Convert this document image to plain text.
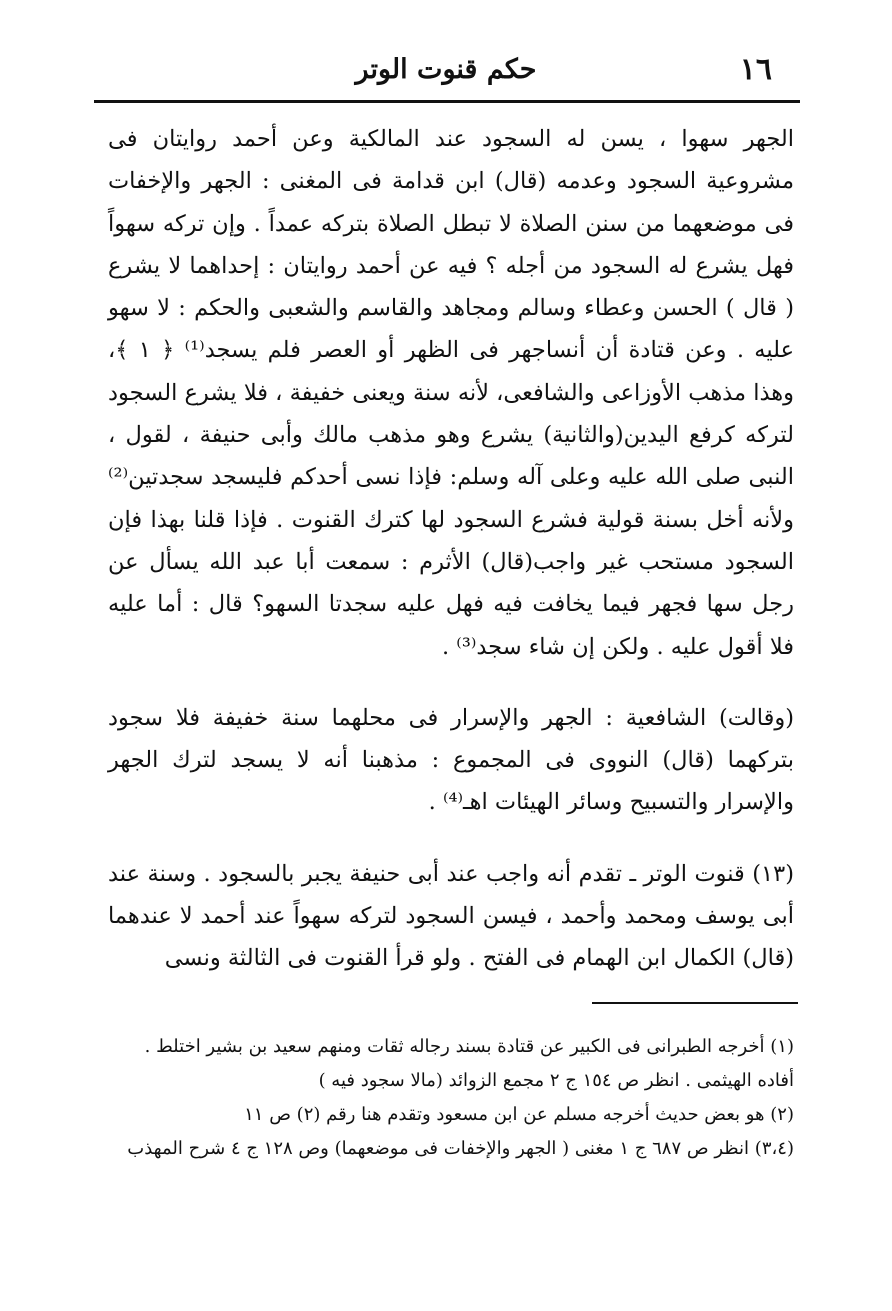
١٦
حكم قنوت الوتر

الجهر سهوا ، يسن له السجود عند المالكية وعن أحمد روايتان فى مشروعية السجود وعدمه (قال) ابن قدامة فى المغنى : الجهر والإخفات فى موضعهما من سنن الصلاة لا تبطل الصلاة بتركه عمداً . وإن تركه سهواً فهل يشرع له السجود من أجله ؟ فيه عن أحمد روايتان : إحداهما لا يشرع ( قال ) الحسن وعطاء وسالم ومجاهد والقاسم والشعبى والحكم : لا سهو عليه . وعن قتادة أن أنساجهر فى الظهر أو العصر فلم يسجد⁽¹⁾ ﴿ ١ ﴾، وهذا مذهب الأوزاعى والشافعى، لأنه سنة ويعنى خفيفة ، فلا يشرع السجود لتركه كرفع اليدين(والثانية) يشرع وهو مذهب مالك وأبى حنيفة ، لقول ، النبى صلى الله عليه وعلى آله وسلم: فإذا نسى أحدكم فليسجد سجدتين⁽²⁾ ولأنه أخل بسنة قولية فشرع السجود لها كترك القنوت . فإذا قلنا بهذا فإن السجود مستحب غير واجب(قال) الأثرم : سمعت أبا عبد الله يسأل عن رجل سها فجهر فيما يخافت فيه فهل عليه سجدتا السهو؟ قال : أما عليه فلا أقول عليه . ولكن إن شاء سجد⁽³⁾ .

(وقالت) الشافعية : الجهر والإسرار فى محلهما سنة خفيفة فلا سجود بتركهما (قال) النووى فى المجموع : مذهبنا أنه لا يسجد لترك الجهر والإسرار والتسبيح وسائر الهيئات اهـ⁽⁴⁾ .

(١٣) قنوت الوتر ـ تقدم أنه واجب عند أبى حنيفة يجبر بالسجود . وسنة عند أبى يوسف ومحمد وأحمد ، فيسن السجود لتركه سهواً عند أحمد لا عندهما (قال) الكمال ابن الهمام فى الفتح . ولو قرأ القنوت فى الثالثة ونسى

(١) أخرجه الطبرانى فى الكبير عن قتادة بسند رجاله ثقات ومنهم سعيد بن بشير اختلط . أفاده الهيثمى . انظر ص ١٥٤ ج ٢ مجمع الزوائد (مالا سجود فيه )

(٢) هو بعض حديث أخرجه مسلم عن ابن مسعود وتقدم هنا رقم (٢) ص ١١

(٣،٤) انظر ص ٦٨٧ ج ١ مغنى ( الجهر والإخفات فى موضعهما) وص ١٢٨ ج ٤ شرح المهذب
